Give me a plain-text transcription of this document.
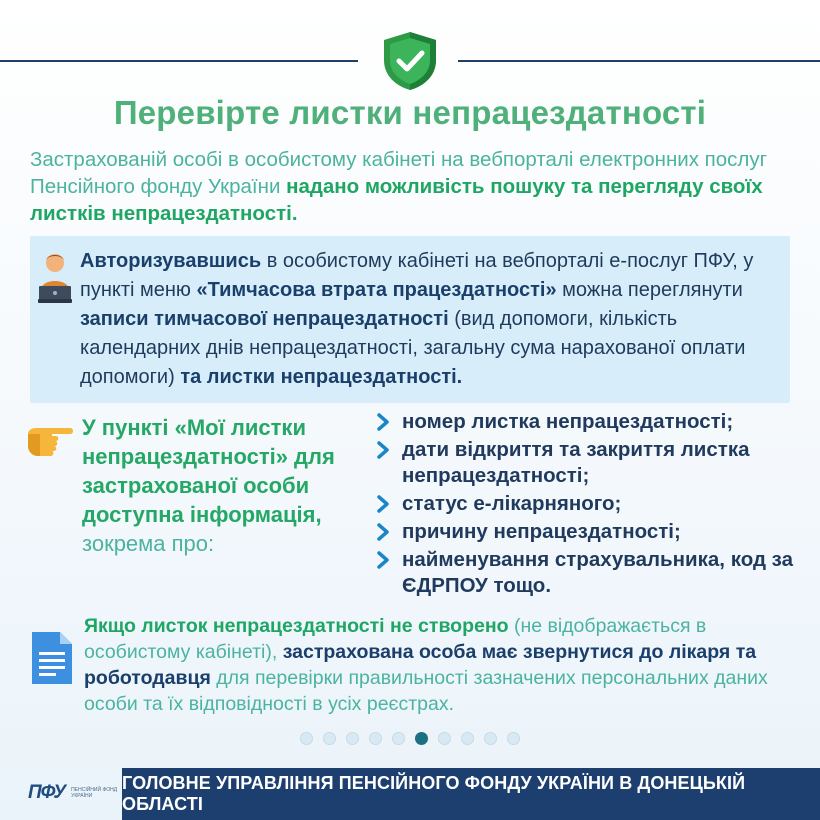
Перевірте листки непрацездатності
Застрахованій особі в особистому кабінеті на вебпорталі електронних послуг Пенсійного фонду України надано можливість пошуку та перегляду своїх листків непрацездатності.
Авторизувавшись в особистому кабінеті на вебпорталі е-послуг ПФУ, у пункті меню «Тимчасова втрата працездатності» можна переглянути записи тимчасової непрацездатності (вид допомоги, кількість календарних днів непрацездатності, загальну сума нарахованої оплати допомоги) та листки непрацездатності.
У пункті «Мої листки непрацездатності» для застрахованої особи доступна інформація, зокрема про:
номер листка непрацездатності;
дати відкриття та закриття листка непрацездатності;
статус е-лікарняного;
причину непрацездатності;
найменування страхувальника, код за ЄДРПОУ тощо.
Якщо листок непрацездатності не створено (не відображається в особистому кабінеті), застрахована особа має звернутися до лікаря та роботодавця для перевірки правильності зазначених персональних даних особи та їх відповідності в усіх реєстрах.
ПФУ ПЕНСІЙНИЙ ФОНД УКРАЇНИ
ГОЛОВНЕ УПРАВЛІННЯ ПЕНСІЙНОГО ФОНДУ УКРАЇНИ В ДОНЕЦЬКІЙ ОБЛАСТІ
